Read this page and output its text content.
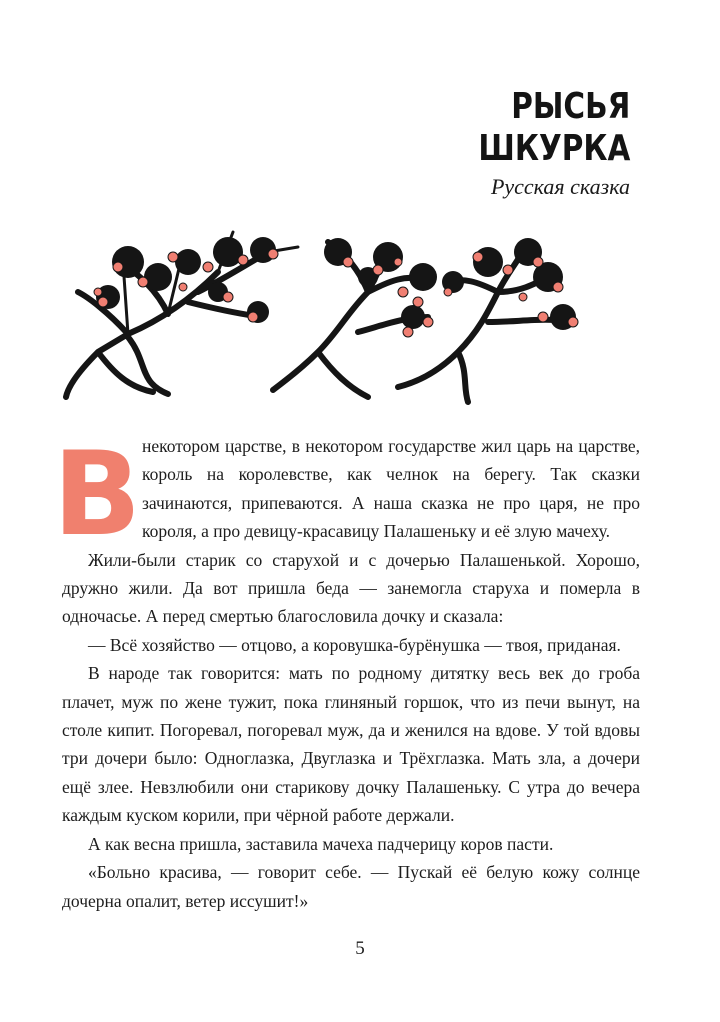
РЫСЬЯ
ШКУРКА
Русская сказка
В некотором царстве, в некотором государстве жил царь на царстве, король на королевстве, как челнок на берегу. Так сказки зачинаются, припеваются. А наша сказка не про царя, не про короля, а про девицу-красавицу Палашеньку и её злую мачеху.

Жили-были старик со старухой и с дочерью Палашенькой. Хорошо, дружно жили. Да вот пришла беда — занемогла старуха и померла в одночасье. А перед смертью благословила дочку и сказала:

— Всё хозяйство — отцово, а коровушка-бурёнушка — твоя, приданая.

В народе так говорится: мать по родному дитятку весь век до гроба плачет, муж по жене тужит, пока глиняный горшок, что из печи вынут, на столе кипит. Погоревал, погоревал муж, да и женился на вдове. У той вдовы три дочери было: Одноглазка, Двуглазка и Трёхглазка. Мать зла, а дочери ещё злее. Невзлюбили они старикову дочку Палашеньку. С утра до вечера каждым куском корили, при чёрной работе держали.

А как весна пришла, заставила мачеха падчерицу коров пасти.

«Больно красива, — говорит себе. — Пускай её белую кожу солнце дочерна опалит, ветер иссушит!»

5
